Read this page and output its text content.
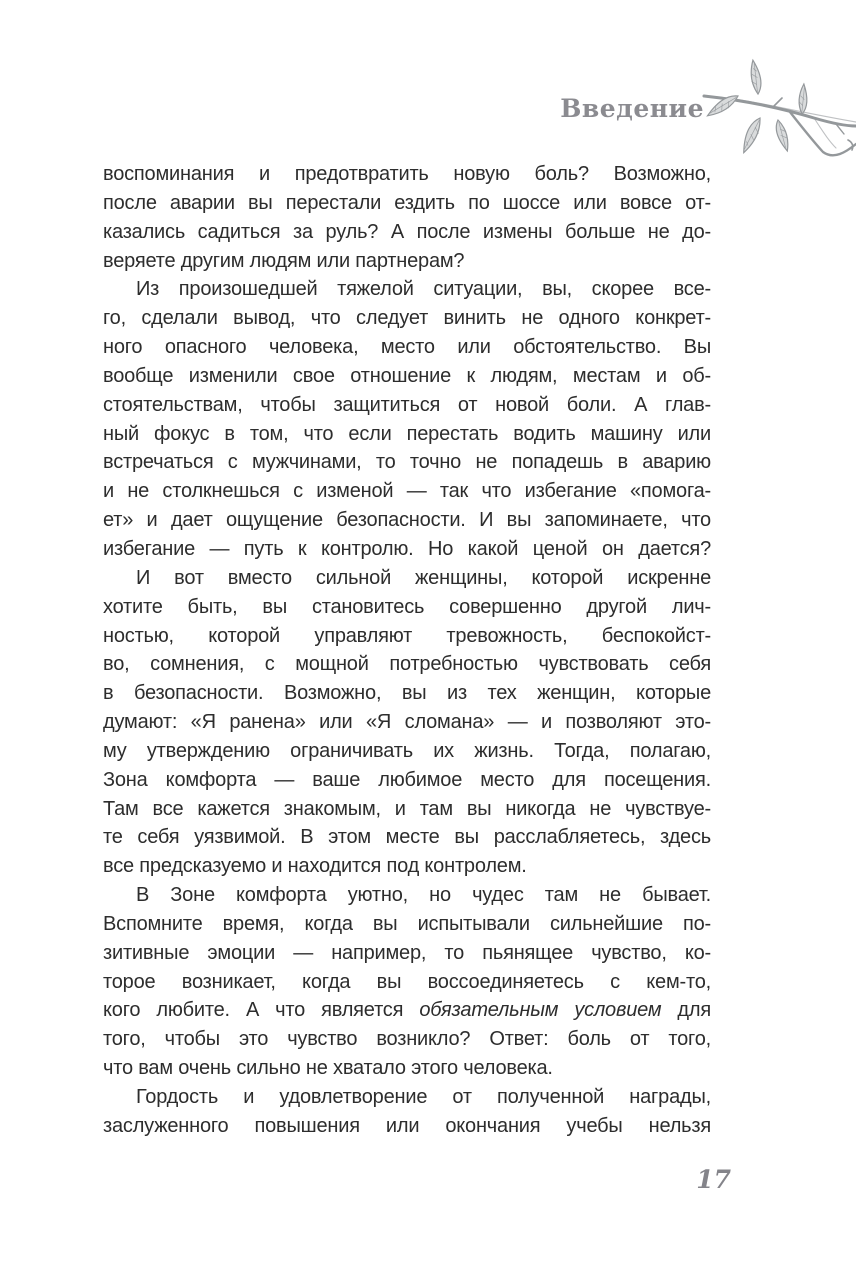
Введение
воспоминания и предотвратить новую боль? Возможно,
после аварии вы перестали ездить по шоссе или вовсе от-
казались садиться за руль? А после измены больше не до-
веряете другим людям или партнерам?
Из произошедшей тяжелой ситуации, вы, скорее все-
го, сделали вывод, что следует винить не одного конкрет-
ного опасного человека, место или обстоятельство. Вы
вообще изменили свое отношение к людям, местам и об-
стоятельствам, чтобы защититься от новой боли. А глав-
ный фокус в том, что если перестать водить машину или
встречаться с мужчинами, то точно не попадешь в аварию
и не столкнешься с изменой — так что избегание «помога-
ет» и дает ощущение безопасности. И вы запоминаете, что
избегание — путь к контролю. Но какой ценой он дается?
И вот вместо сильной женщины, которой искренне
хотите быть, вы становитесь совершенно другой лич-
ностью, которой управляют тревожность, беспокойст-
во, сомнения, с мощной потребностью чувствовать себя
в безопасности. Возможно, вы из тех женщин, которые
думают: «Я ранена» или «Я сломана» — и позволяют это-
му утверждению ограничивать их жизнь. Тогда, полагаю,
Зона комфорта — ваше любимое место для посещения.
Там все кажется знакомым, и там вы никогда не чувствуе-
те себя уязвимой. В этом месте вы расслабляетесь, здесь
все предсказуемо и находится под контролем.
В Зоне комфорта уютно, но чудес там не бывает.
Вспомните время, когда вы испытывали сильнейшие по-
зитивные эмоции — например, то пьянящее чувство, ко-
торое возникает, когда вы воссоединяетесь с кем-то,
кого любите. А что является обязательным условием для
того, чтобы это чувство возникло? Ответ: боль от того,
что вам очень сильно не хватало этого человека.
Гордость и удовлетворение от полученной награды,
заслуженного повышения или окончания учебы нельзя
17
